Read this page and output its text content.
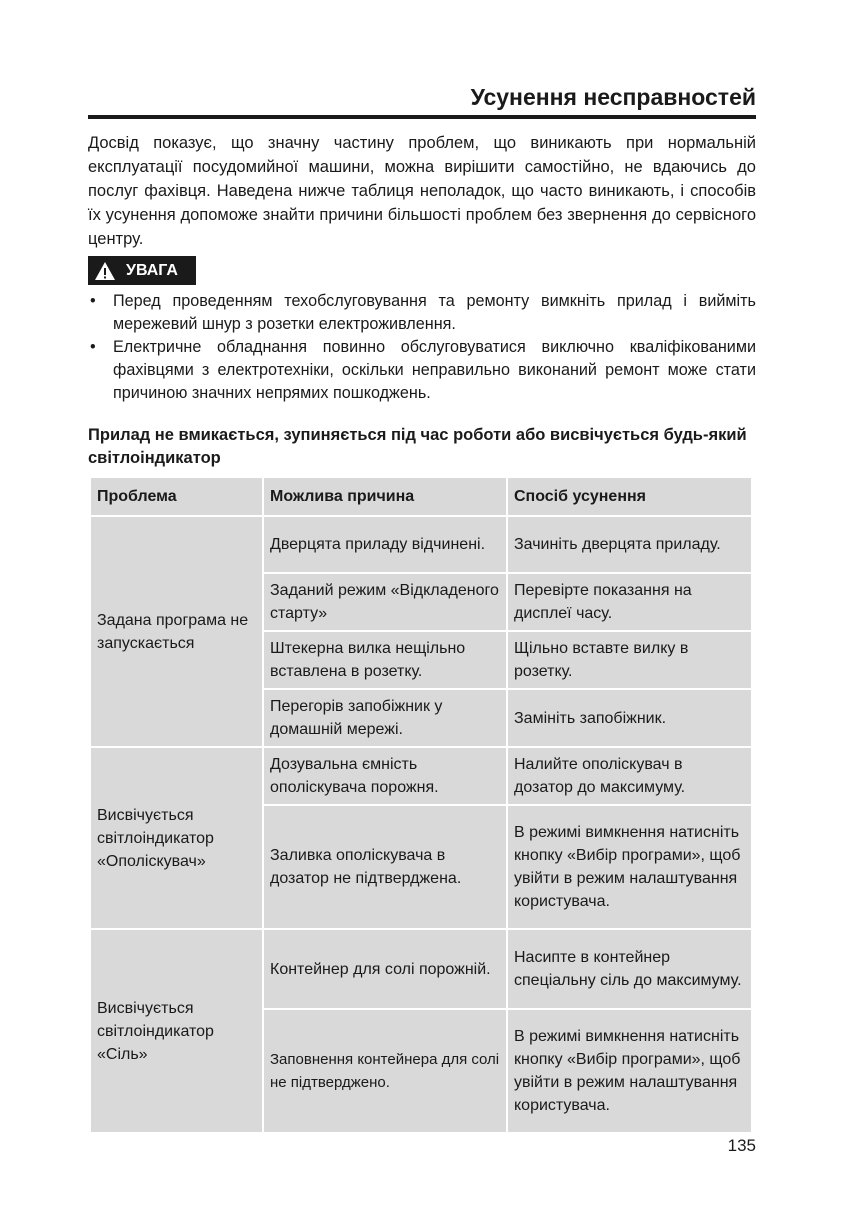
Усунення несправностей

Досвід показує, що значну частину проблем, що виникають при нормальній експлуатації посудомийної машини, можна вирішити самостійно, не вдаючись до послуг фахівця. Наведена нижче таблиця неполадок, що часто виникають, і способів їх усунення допоможе знайти причини більшості проблем без звернення до сервісного центру.

УВАГА
• Перед проведенням техобслуговування та ремонту вимкніть прилад і вийміть мережевий шнур з розетки електроживлення.
• Електричне обладнання повинно обслуговуватися виключно кваліфікованими фахівцями з електротехніки, оскільки неправильно виконаний ремонт може стати причиною значних непрямих пошкоджень.
Прилад не вмикається, зупиняється під час роботи або висвічується будь-який світлоіндикатор
Проблема	Можлива причина	Спосіб усунення
Задана програма не запускається	Дверцята приладу відчинені.	Зачиніть дверцята приладу.
	Заданий режим «Відкладеного старту»	Перевірте показання на дисплеї часу.
	Штекерна вилка нещільно вставлена в розетку.	Щільно вставте вилку в розетку.
	Перегорів запобіжник у домашній мережі.	Замініть запобіжник.
Висвічується світлоіндикатор «Ополіскувач»	Дозувальна ємність ополіскувача порожня.	Налийте ополіскувач в дозатор до максимуму.
	Заливка ополіскувача в дозатор не підтверджена.	В режимі вимкнення натисніть кнопку «Вибір програми», щоб увійти в режим налаштування користувача.
Висвічується світлоіндикатор «Сіль»	Контейнер для солі порожній.	Насипте в контейнер спеціальну сіль до максимуму.
	Заповнення контейнера для солі не підтверджено.	В режимі вимкнення натисніть кнопку «Вибір програми», щоб увійти в режим налаштування користувача.
135
